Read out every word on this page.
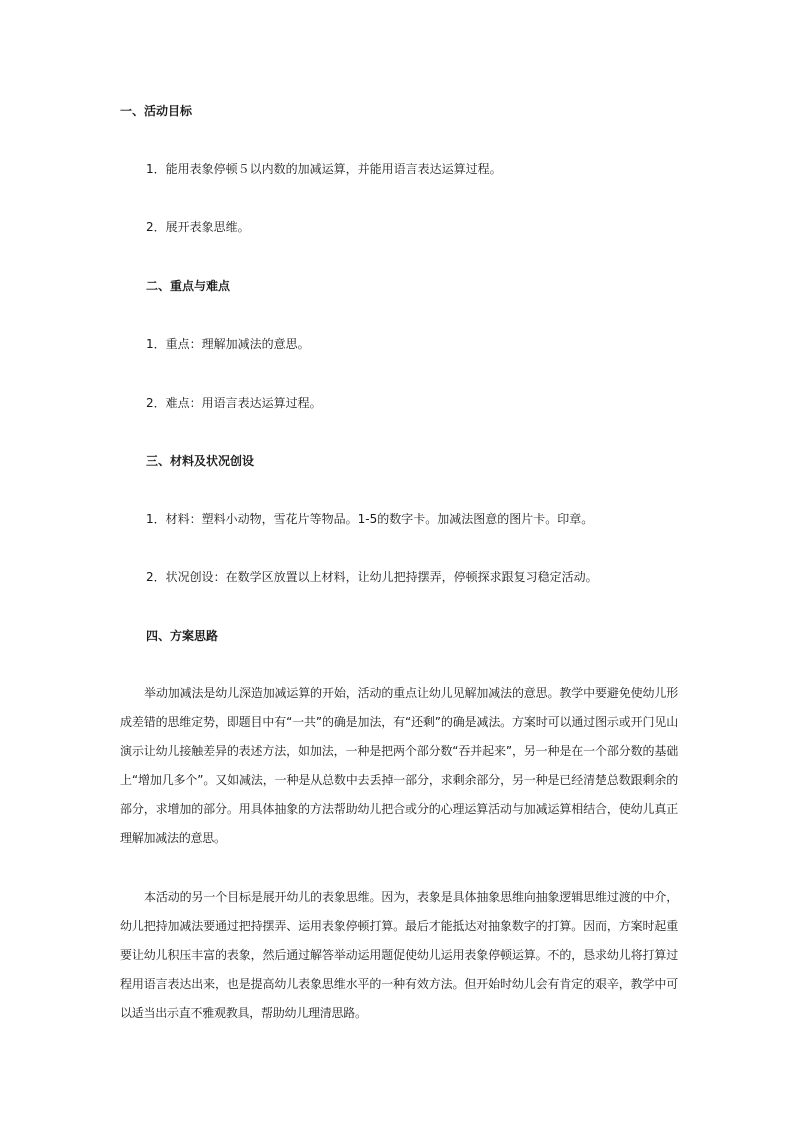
一、活动目标

1．能用表象停顿５以内数的加减运算，并能用语言表达运算过程。

2．展开表象思维。

二、重点与难点

1．重点：理解加减法的意思。

2．难点：用语言表达运算过程。

三、材料及状况创设

1．材料：塑料小动物，雪花片等物品。1-5的数字卡。加减法图意的图片卡。印章。

2．状况创设：在数学区放置以上材料，让幼儿把持摆弄，停顿探求跟复习稳定活动。

四、方案思路

举动加减法是幼儿深造加减运算的开始，活动的重点让幼儿见解加减法的意思。教学中要避免使幼儿形成差错的思维定势，即题目中有“一共”的确是加法，有“还剩”的确是减法。方案时可以通过图示或开门见山演示让幼儿接触差异的表述方法，如加法，一种是把两个部分数“吞并起来”，另一种是在一个部分数的基础上“增加几多个”。又如减法，一种是从总数中去丢掉一部分，求剩余部分，另一种是已经清楚总数跟剩余的部分，求增加的部分。用具体抽象的方法帮助幼儿把合或分的心理运算活动与加减运算相结合，使幼儿真正理解加减法的意思。

本活动的另一个目标是展开幼儿的表象思维。因为，表象是具体抽象思维向抽象逻辑思维过渡的中介，幼儿把持加减法要通过把持摆弄、运用表象停顿打算。最后才能抵达对抽象数字的打算。因而，方案时起重要让幼儿积压丰富的表象，然后通过解答举动运用题促使幼儿运用表象停顿运算。不的，恳求幼儿将打算过程用语言表达出来，也是提高幼儿表象思维水平的一种有效方法。但开始时幼儿会有肯定的艰辛，教学中可以适当出示直不雅观教具，帮助幼儿理清思路。
